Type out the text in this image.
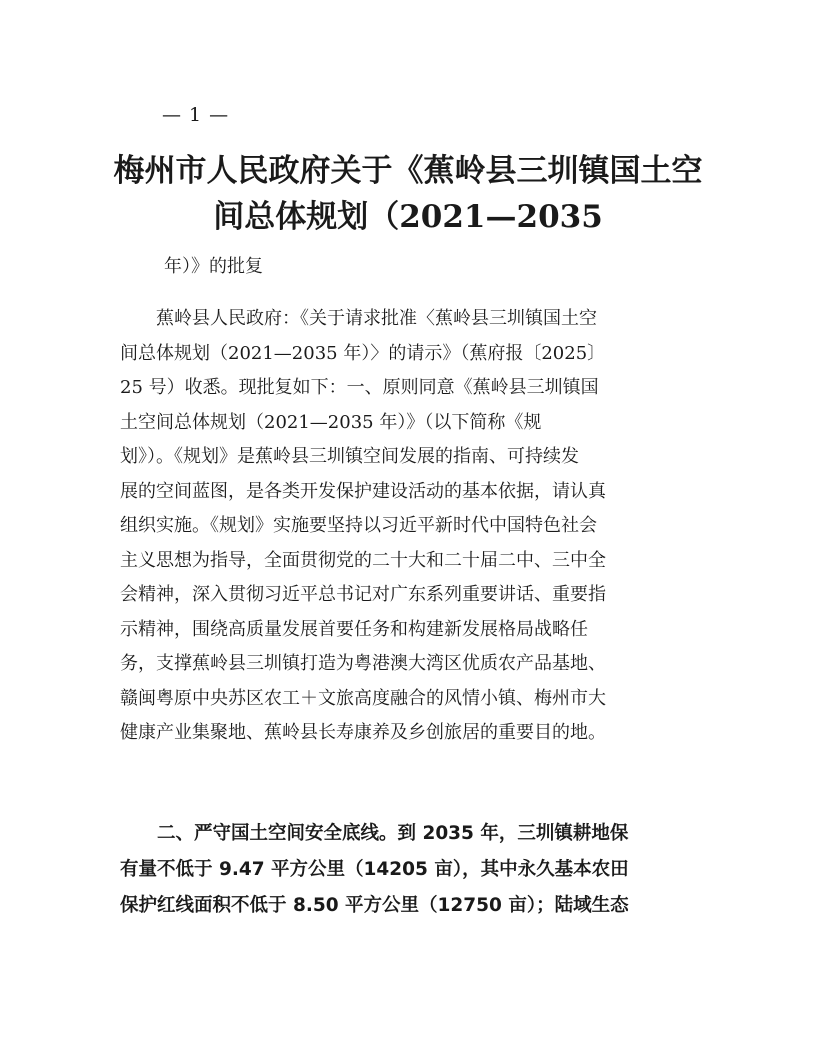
— 1 —
梅州市人民政府关于《蕉岭县三圳镇国土空
间总体规划（2021—2035
年）》的批复
　　蕉岭县人民政府：《关于请求批准〈蕉岭县三圳镇国土空
间总体规划（2021—2035 年）〉的请示》（蕉府报〔2025〕
25 号）收悉。现批复如下：一、原则同意《蕉岭县三圳镇国
土空间总体规划（2021—2035 年）》（以下简称《规
划》）。《规划》是蕉岭县三圳镇空间发展的指南、可持续发
展的空间蓝图，是各类开发保护建设活动的基本依据，请认真
组织实施。《规划》实施要坚持以习近平新时代中国特色社会
主义思想为指导，全面贯彻党的二十大和二十届二中、三中全
会精神，深入贯彻习近平总书记对广东系列重要讲话、重要指
示精神，围绕高质量发展首要任务和构建新发展格局战略任
务，支撑蕉岭县三圳镇打造为粤港澳大湾区优质农产品基地、
赣闽粤原中央苏区农工＋文旅高度融合的风情小镇、梅州市大
健康产业集聚地、蕉岭县长寿康养及乡创旅居的重要目的地。
　　二、严守国土空间安全底线。到 2035 年，三圳镇耕地保
有量不低于 9.47 平方公里（14205 亩），其中永久基本农田
保护红线面积不低于 8.50 平方公里（12750 亩）；陆域生态
